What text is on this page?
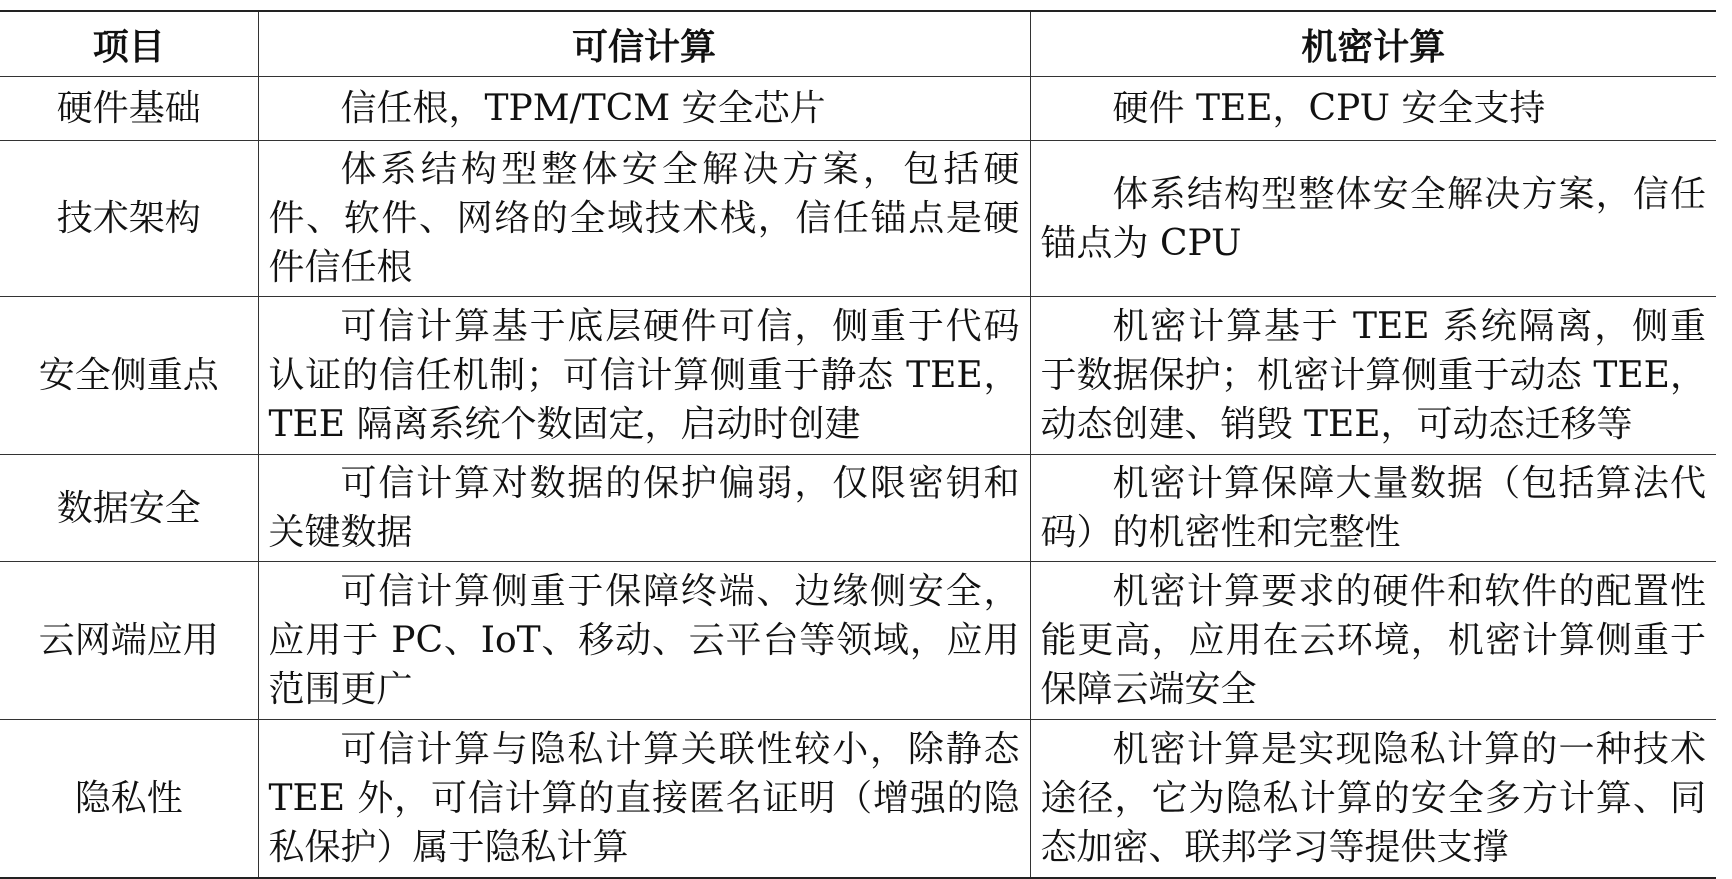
项目	可信计算	机密计算
硬件基础	信任根，TPM/TCM 安全芯片	硬件 TEE，CPU 安全支持
技术架构	体系结构型整体安全解决方案，包括硬件、软件、网络的全域技术栈，信任锚点是硬件信任根	体系结构型整体安全解决方案，信任锚点为 CPU
安全侧重点	可信计算基于底层硬件可信，侧重于代码认证的信任机制；可信计算侧重于静态 TEE，TEE 隔离系统个数固定，启动时创建	机密计算基于 TEE 系统隔离，侧重于数据保护；机密计算侧重于动态 TEE，动态创建、销毁 TEE，可动态迁移等
数据安全	可信计算对数据的保护偏弱，仅限密钥和关键数据	机密计算保障大量数据（包括算法代码）的机密性和完整性
云网端应用	可信计算侧重于保障终端、边缘侧安全，应用于 PC、IoT、移动、云平台等领域，应用范围更广	机密计算要求的硬件和软件的配置性能更高，应用在云环境，机密计算侧重于保障云端安全
隐私性	可信计算与隐私计算关联性较小，除静态 TEE 外，可信计算的直接匿名证明（增强的隐私保护）属于隐私计算	机密计算是实现隐私计算的一种技术途径，它为隐私计算的安全多方计算、同态加密、联邦学习等提供支撑
